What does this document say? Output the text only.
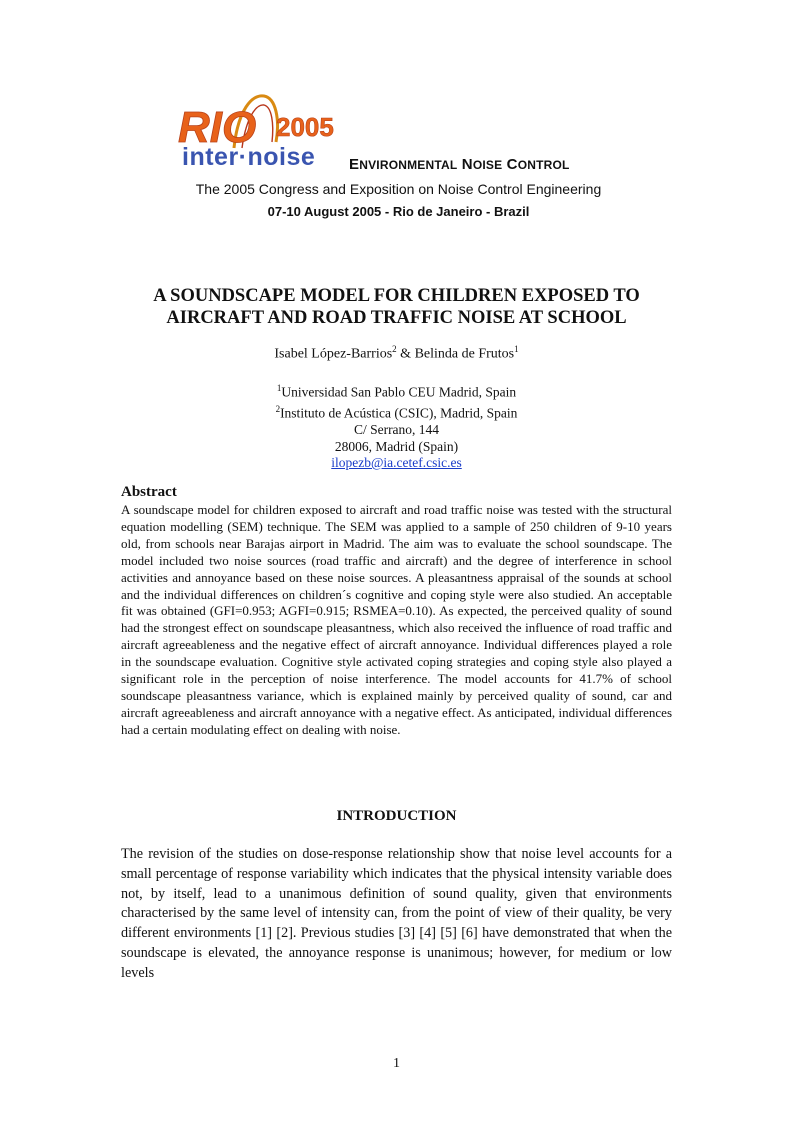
RIO 2005
inter·noise ENVIRONMENTAL NOISE CONTROL
The 2005 Congress and Exposition on Noise Control Engineering
07-10 August 2005 - Rio de Janeiro - Brazil
A SOUNDSCAPE MODEL FOR CHILDREN EXPOSED TO
AIRCRAFT AND ROAD TRAFFIC NOISE AT SCHOOL
Isabel López-Barrios$^2$ & Belinda de Frutos$^1$
$^1$Universidad San Pablo CEU Madrid, Spain
$^2$Instituto de Acústica (CSIC), Madrid, Spain
C/ Serrano, 144
28006, Madrid (Spain)
ilopezb@ia.cetef.csic.es
Abstract
A soundscape model for children exposed to aircraft and road traffic noise was tested with the structural equation modelling (SEM) technique. The SEM was applied to a sample of 250 children of 9-10 years old, from schools near Barajas airport in Madrid. The aim was to evaluate the school soundscape. The model included two noise sources (road traffic and aircraft) and the degree of interference in school activities and annoyance based on these noise sources. A pleasantness appraisal of the sounds at school and the individual differences on children´s cognitive and coping style were also studied. An acceptable fit was obtained (GFI=0.953; AGFI=0.915; RSMEA=0.10). As expected, the perceived quality of sound had the strongest effect on soundscape pleasantness, which also received the influence of road traffic and aircraft agreeableness and the negative effect of aircraft annoyance. Individual differences played a role in the soundscape evaluation. Cognitive style activated coping strategies and coping style also played a significant role in the perception of noise interference. The model accounts for 41.7% of school soundscape pleasantness variance, which is explained mainly by perceived quality of sound, car and aircraft agreeableness and aircraft annoyance with a negative effect. As anticipated, individual differences had a certain modulating effect on dealing with noise.
INTRODUCTION
The revision of the studies on dose-response relationship show that noise level accounts for a small percentage of response variability which indicates that the physical intensity variable does not, by itself, lead to a unanimous definition of sound quality, given that environments characterised by the same level of intensity can, from the point of view of their quality, be very different environments [1] [2]. Previous studies [3] [4] [5] [6] have demonstrated that when the soundscape is elevated, the annoyance response is unanimous; however, for medium or low levels
1
